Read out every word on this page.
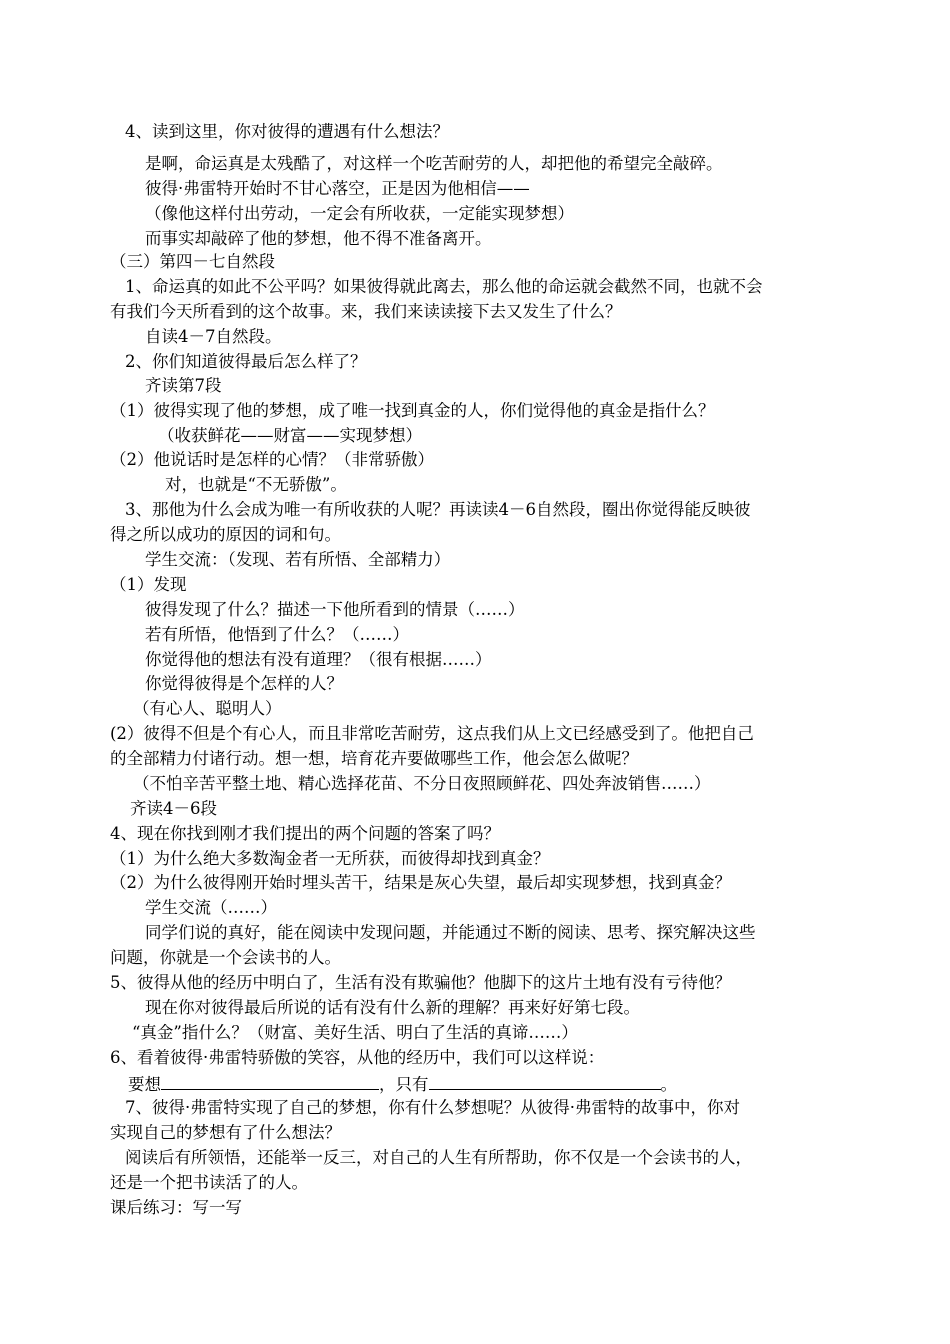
4、读到这里，你对彼得的遭遇有什么想法？
是啊，命运真是太残酷了，对这样一个吃苦耐劳的人，却把他的希望完全敲碎。
彼得·弗雷特开始时不甘心落空，正是因为他相信——
（像他这样付出劳动，一定会有所收获，一定能实现梦想）
而事实却敲碎了他的梦想，他不得不准备离开。
（三）第四－七自然段
1、命运真的如此不公平吗？如果彼得就此离去，那么他的命运就会截然不同，也就不会
有我们今天所看到的这个故事。来，我们来读读接下去又发生了什么？
自读4－7自然段。
2、你们知道彼得最后怎么样了？
齐读第7段
（1）彼得实现了他的梦想，成了唯一找到真金的人，你们觉得他的真金是指什么？
（收获鲜花——财富——实现梦想）
（2）他说话时是怎样的心情？（非常骄傲）
对，也就是“不无骄傲”。
3、那他为什么会成为唯一有所收获的人呢？再读读4－6自然段，圈出你觉得能反映彼
得之所以成功的原因的词和句。
学生交流：（发现、若有所悟、全部精力）
（1）发现
彼得发现了什么？描述一下他所看到的情景（……）
若有所悟，他悟到了什么？（……）
你觉得他的想法有没有道理？（很有根据……）
你觉得彼得是个怎样的人？
（有心人、聪明人）
(2）彼得不但是个有心人，而且非常吃苦耐劳，这点我们从上文已经感受到了。他把自己
的全部精力付诸行动。想一想，培育花卉要做哪些工作，他会怎么做呢？
（不怕辛苦平整土地、精心选择花苗、不分日夜照顾鲜花、四处奔波销售……）
齐读4－6段
4、现在你找到刚才我们提出的两个问题的答案了吗？
（1）为什么绝大多数淘金者一无所获，而彼得却找到真金？
（2）为什么彼得刚开始时埋头苦干，结果是灰心失望，最后却实现梦想，找到真金？
学生交流（……）
同学们说的真好，能在阅读中发现问题，并能通过不断的阅读、思考、探究解决这些
问题，你就是一个会读书的人。
5、彼得从他的经历中明白了，生活有没有欺骗他？他脚下的这片土地有没有亏待他？
现在你对彼得最后所说的话有没有什么新的理解？再来好好第七段。
“真金”指什么？（财富、美好生活、明白了生活的真谛……）
6、看着彼得·弗雷特骄傲的笑容，从他的经历中，我们可以这样说：
要想	，只有	。
7、彼得·弗雷特实现了自己的梦想，你有什么梦想呢？从彼得·弗雷特的故事中，你对
实现自己的梦想有了什么想法？
阅读后有所领悟，还能举一反三，对自己的人生有所帮助，你不仅是一个会读书的人，
还是一个把书读活了的人。
课后练习：写一写
